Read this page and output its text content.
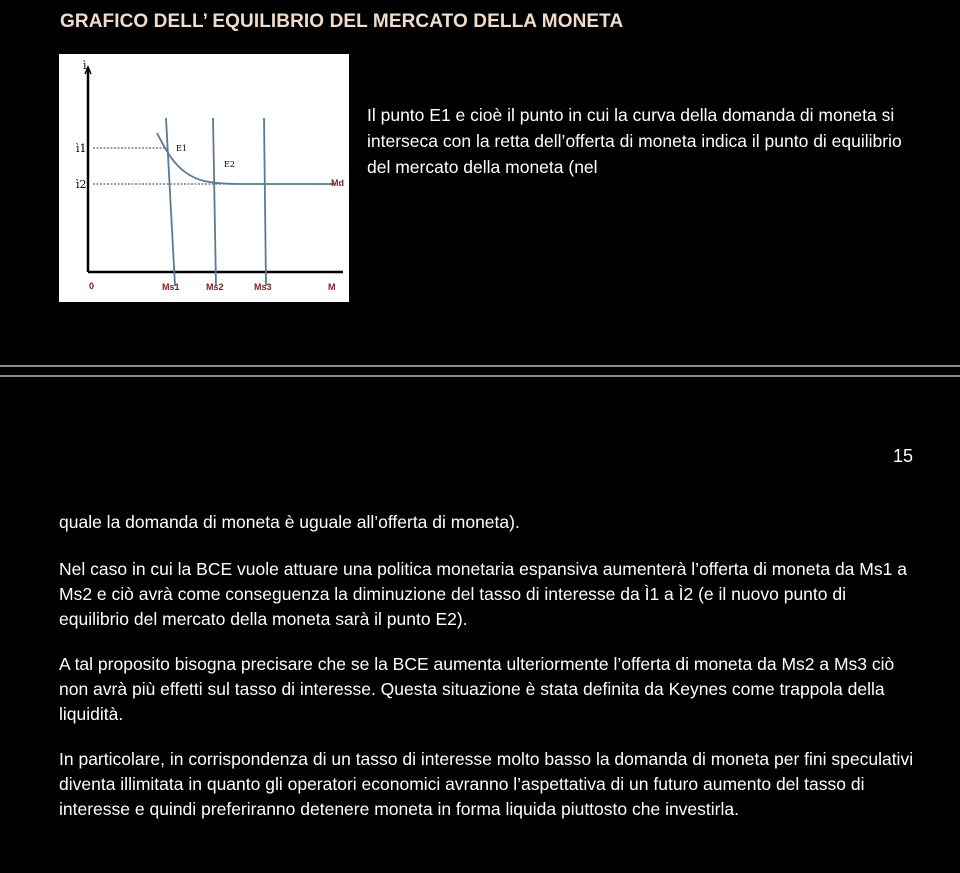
GRAFICO DELL’ EQUILIBRIO DEL MERCATO DELLA MONETA
ì
ì1
ì2
E1
E2
Md
0	Ms1	Ms2	Ms3	M

Il punto E1 e cioè il punto in cui la curva della domanda di moneta si interseca con la retta dell’offerta di moneta indica il punto di equilibrio del mercato della moneta (nel

15

quale la domanda di moneta è uguale all’offerta di moneta).

Nel caso in cui la BCE vuole attuare una politica monetaria espansiva aumenterà l’offerta di moneta da Ms1 a Ms2 e ciò avrà come conseguenza la diminuzione del tasso di interesse da Ì1 a Ì2 (e il nuovo punto di equilibrio del mercato della moneta sarà il punto E2).

A tal proposito bisogna precisare che se la BCE aumenta ulteriormente l’offerta di moneta da Ms2 a Ms3 ciò non avrà più effetti sul tasso di interesse. Questa situazione è stata definita da Keynes come trappola della liquidità.

In particolare, in corrispondenza di un tasso di interesse molto basso la domanda di moneta per fini speculativi diventa illimitata in quanto gli operatori economici avranno l’aspettativa di un futuro aumento del tasso di interesse e quindi preferiranno detenere moneta in forma liquida piuttosto che investirla.
